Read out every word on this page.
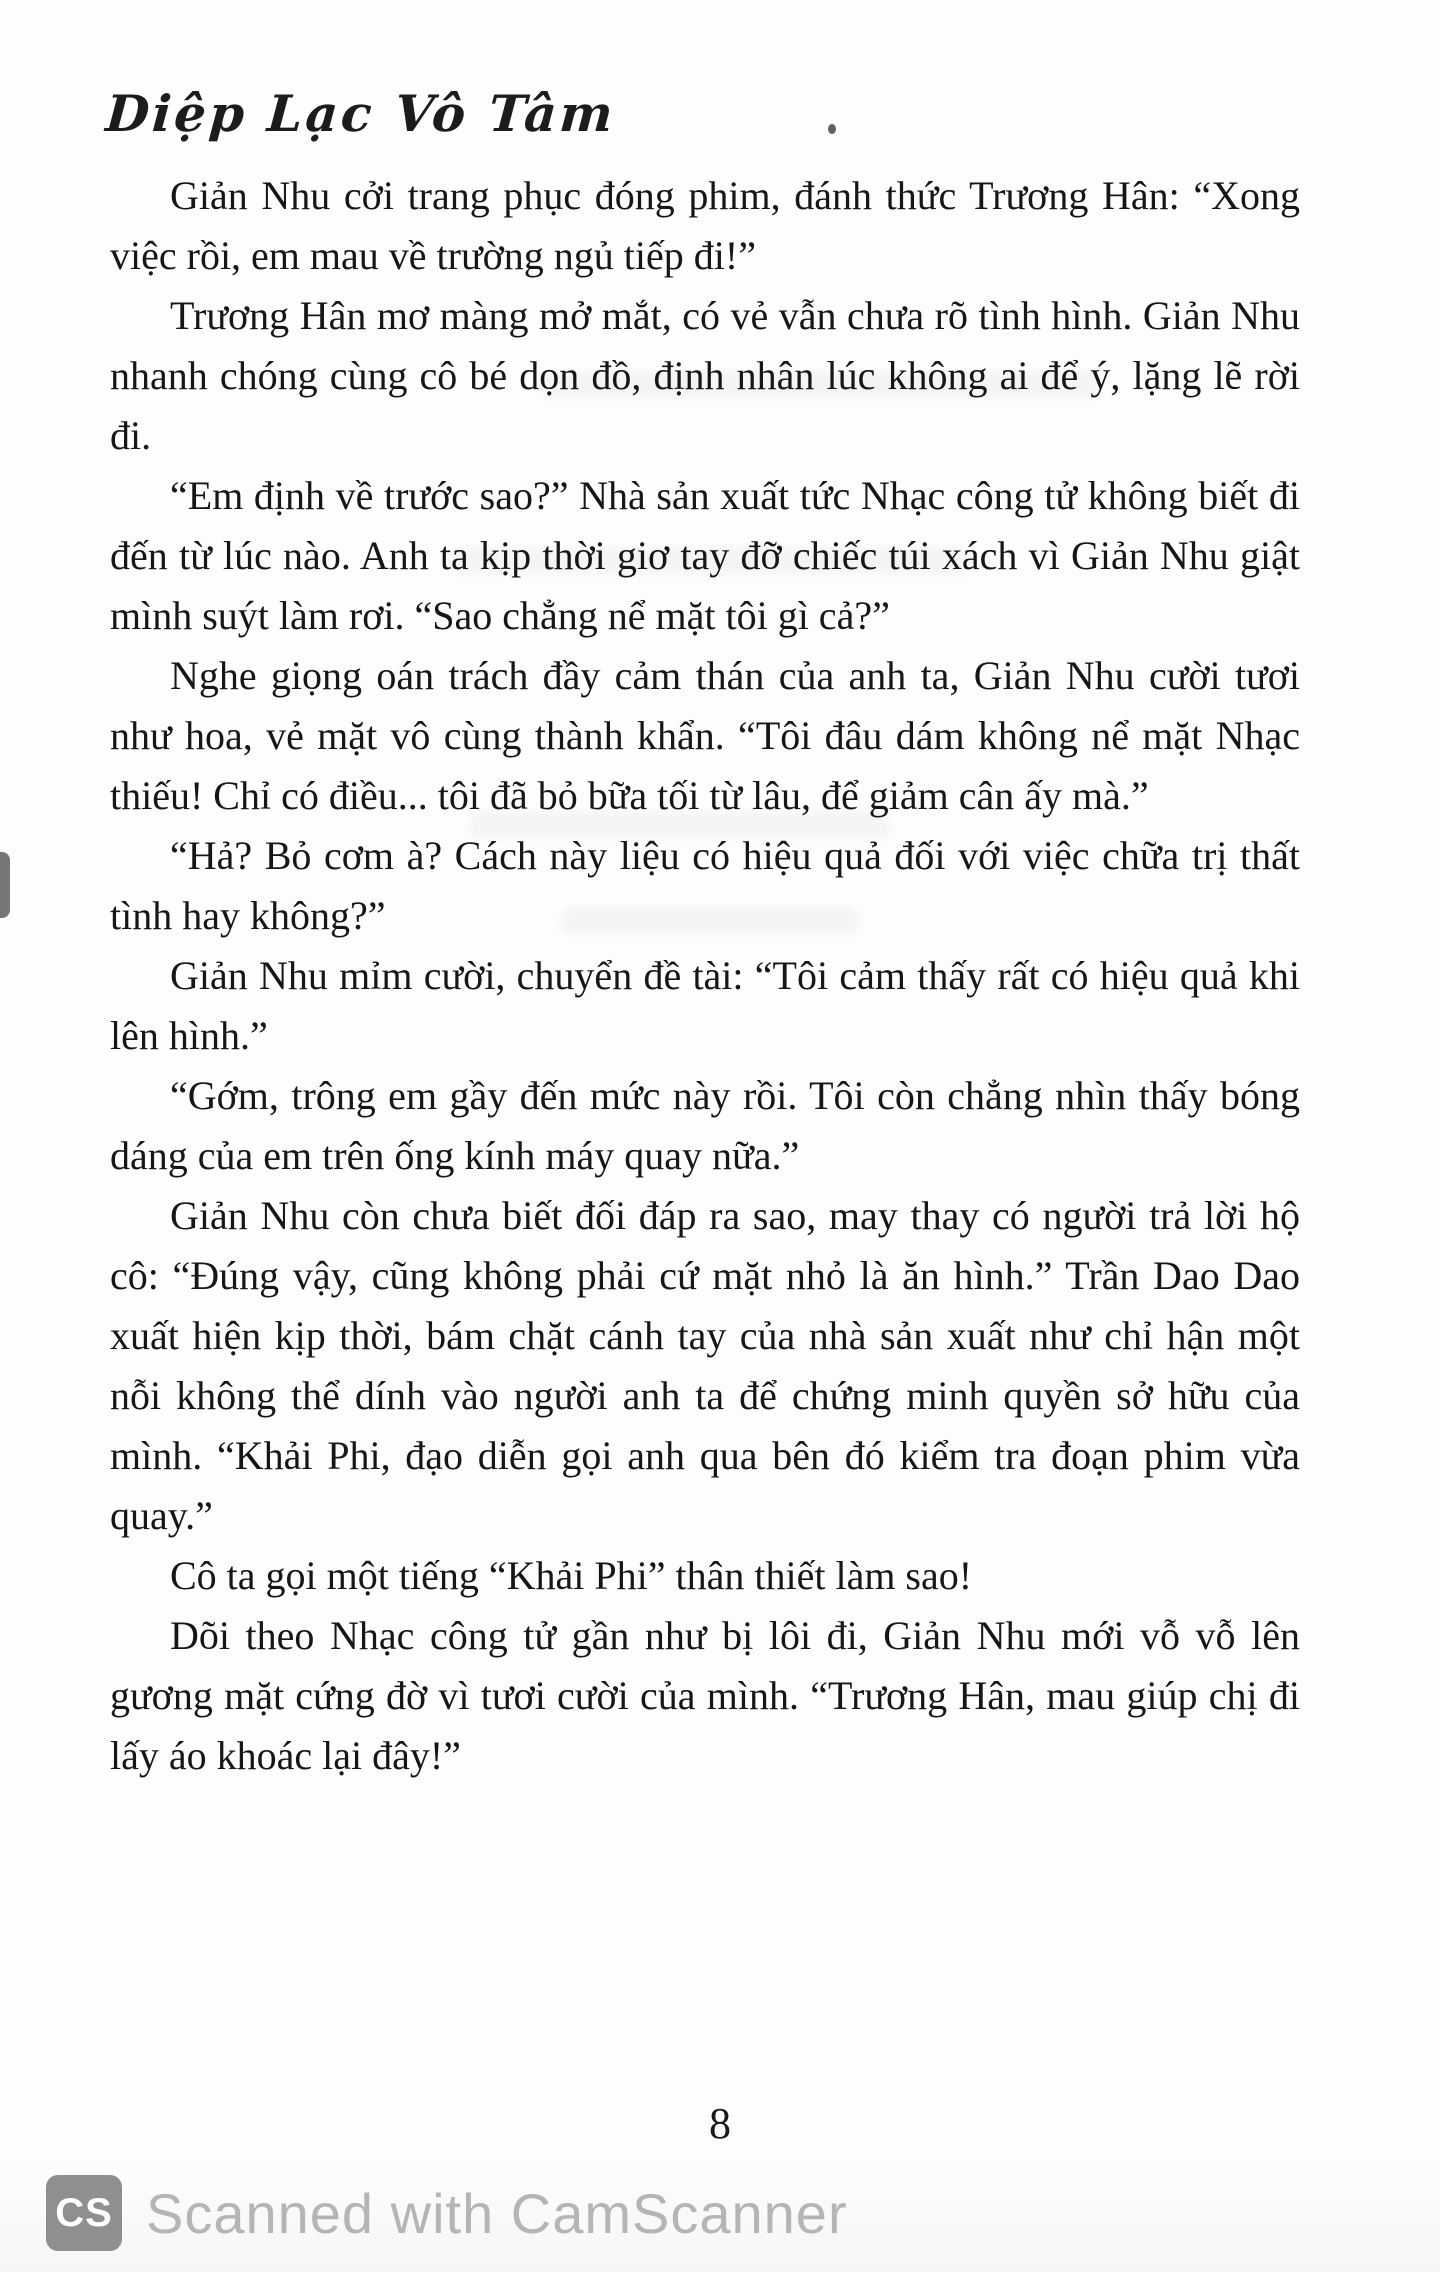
Diệp Lạc Vô Tâm

Giản Nhu cởi trang phục đóng phim, đánh thức Trương Hân: “Xong việc rồi, em mau về trường ngủ tiếp đi!”

Trương Hân mơ màng mở mắt, có vẻ vẫn chưa rõ tình hình. Giản Nhu nhanh chóng cùng cô bé dọn đồ, định nhân lúc không ai để ý, lặng lẽ rời đi.

“Em định về trước sao?” Nhà sản xuất tức Nhạc công tử không biết đi đến từ lúc nào. Anh ta kịp thời giơ tay đỡ chiếc túi xách vì Giản Nhu giật mình suýt làm rơi. “Sao chẳng nể mặt tôi gì cả?”

Nghe giọng oán trách đầy cảm thán của anh ta, Giản Nhu cười tươi như hoa, vẻ mặt vô cùng thành khẩn. “Tôi đâu dám không nể mặt Nhạc thiếu! Chỉ có điều... tôi đã bỏ bữa tối từ lâu, để giảm cân ấy mà.”

“Hả? Bỏ cơm à? Cách này liệu có hiệu quả đối với việc chữa trị thất tình hay không?”

Giản Nhu mỉm cười, chuyển đề tài: “Tôi cảm thấy rất có hiệu quả khi lên hình.”

“Gớm, trông em gầy đến mức này rồi. Tôi còn chẳng nhìn thấy bóng dáng của em trên ống kính máy quay nữa.”

Giản Nhu còn chưa biết đối đáp ra sao, may thay có người trả lời hộ cô: “Đúng vậy, cũng không phải cứ mặt nhỏ là ăn hình.” Trần Dao Dao xuất hiện kịp thời, bám chặt cánh tay của nhà sản xuất như chỉ hận một nỗi không thể dính vào người anh ta để chứng minh quyền sở hữu của mình. “Khải Phi, đạo diễn gọi anh qua bên đó kiểm tra đoạn phim vừa quay.”

Cô ta gọi một tiếng “Khải Phi” thân thiết làm sao!

Dõi theo Nhạc công tử gần như bị lôi đi, Giản Nhu mới vỗ vỗ lên gương mặt cứng đờ vì tươi cười của mình. “Trương Hân, mau giúp chị đi lấy áo khoác lại đây!”

8
CS Scanned with CamScanner
